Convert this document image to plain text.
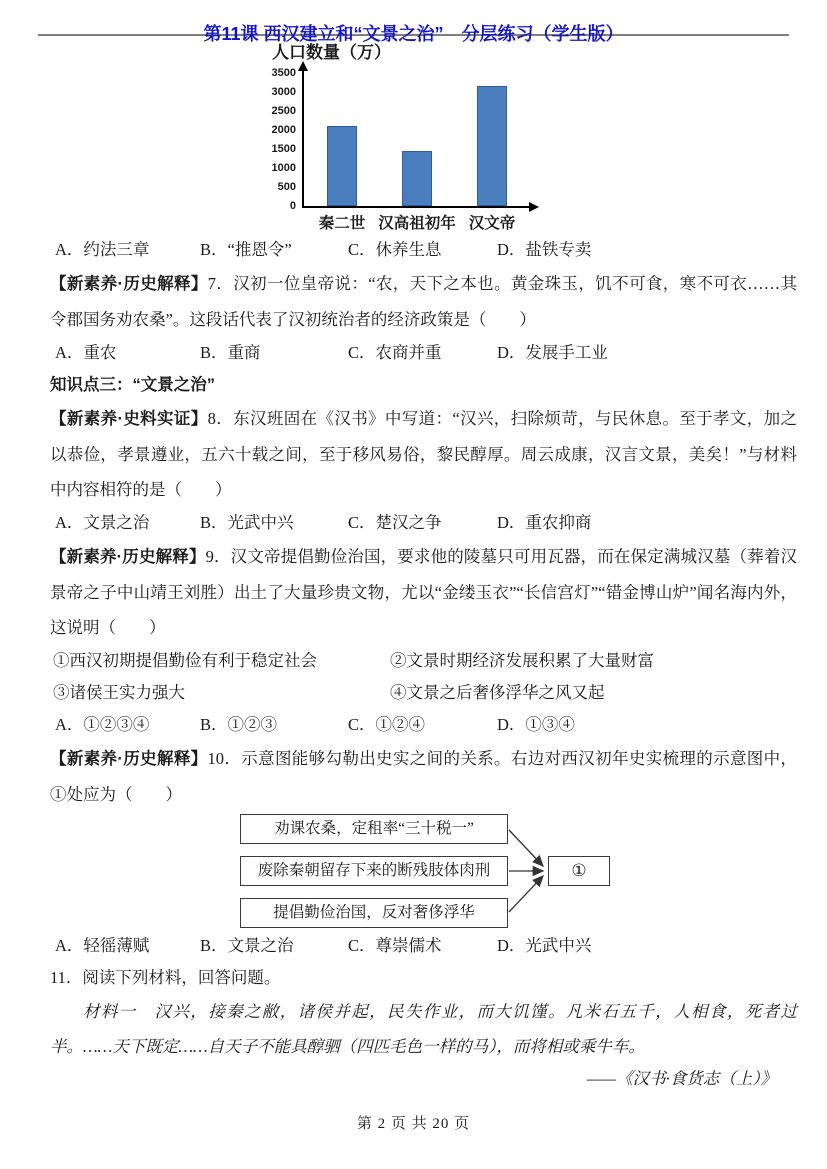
第11课 西汉建立和“文景之治”　分层练习（学生版）
人口数量（万）
0
500
1000
1500
2000
2500
3000
3500
秦二世 汉高祖初年 汉文帝
A．约法三章	B．“推恩令”	C．休养生息	D．盐铁专卖
【新素养·历史解释】7．汉初一位皇帝说：“农，天下之本也。黄金珠玉，饥不可食，寒不可衣……其令郡国务劝农桑”。这段话代表了汉初统治者的经济政策是（　　）
A．重农	B．重商	C．农商并重	D．发展手工业
知识点三：“文景之治”
【新素养·史料实证】8．东汉班固在《汉书》中写道：“汉兴，扫除烦苛，与民休息。至于孝文，加之以恭俭，孝景遵业，五六十载之间，至于移风易俗，黎民醇厚。周云成康，汉言文景，美矣！”与材料中内容相符的是（　　）
A．文景之治	B．光武中兴	C．楚汉之争	D．重农抑商
【新素养·历史解释】9．汉文帝提倡勤俭治国，要求他的陵墓只可用瓦器，而在保定满城汉墓（葬着汉景帝之子中山靖王刘胜）出土了大量珍贵文物，尤以“金缕玉衣”“长信宫灯”“错金博山炉”闻名海内外，这说明（　　）
①西汉初期提倡勤俭有利于稳定社会	②文景时期经济发展积累了大量财富
③诸侯王实力强大	④文景之后奢侈浮华之风又起
A．①②③④	B．①②③	C．①②④	D．①③④
【新素养·历史解释】10．示意图能够勾勒出史实之间的关系。右边对西汉初年史实梳理的示意图中，①处应为（　　）
劝课农桑，定租率“三十税一”
废除秦朝留存下来的断残肢体肉刑
提倡勤俭治国，反对奢侈浮华
①
A．轻徭薄赋	B．文景之治	C．尊崇儒术	D．光武中兴
11．阅读下列材料，回答问题。
材料一　汉兴，接秦之敝，诸侯并起，民失作业，而大饥馑。凡米石五千，人相食，死者过半。……天下既定……自天子不能具醇驷（四匹毛色一样的马），而将相或乘牛车。
——《汉书·食货志（上）》
第 2 页 共 20 页
